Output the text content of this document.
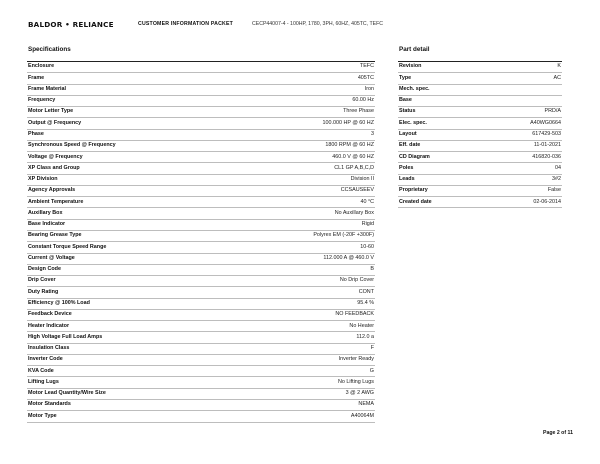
BALDOR • RELIANCE	CUSTOMER INFORMATION PACKET	CECP44007-4 - 100HP, 1780, 3PH, 60HZ, 405TC, TEFC
Specifications	Part detail
Enclosure	TEFC
Frame	405TC
Frame Material	Iron
Frequency	60.00 Hz
Motor Letter Type	Three Phase
Output @ Frequency	100.000 HP @ 60 HZ
Phase	3
Synchronous Speed @ Frequency	1800 RPM @ 60 HZ
Voltage @ Frequency	460.0 V @ 60 HZ
XP Class and Group	CL1 GP A,B,C,D
XP Division	Division II
Agency Approvals	CCSAUSEEV
Ambient Temperature	40 °C
Auxillary Box	No Auxillary Box
Base Indicator	Rigid
Bearing Grease Type	Polyrex EM (-20F +300F)
Constant Torque Speed Range	10-60
Current @ Voltage	112.000 A @ 460.0 V
Design Code	B
Drip Cover	No Drip Cover
Duty Rating	CONT
Efficiency @ 100% Load	95.4 %
Feedback Device	NO FEEDBACK
Heater Indicator	No Heater
High Voltage Full Load Amps	112.0 a
Insulation Class	F
Inverter Code	Inverter Ready
KVA Code	G
Lifting Lugs	No Lifting Lugs
Motor Lead Quantity/Wire Size	3 @ 2 AWG
Motor Standards	NEMA
Motor Type	A40064M
Revision	K
Type	AC
Mech. spec.	
Base	
Status	PRD/A
Elec. spec.	A40WG0664
Layout	617429-503
Eff. date	11-01-2021
CD Diagram	416820-036
Poles	04
Leads	3#2
Proprietary	False
Created date	02-06-2014
Page 2 of 11
